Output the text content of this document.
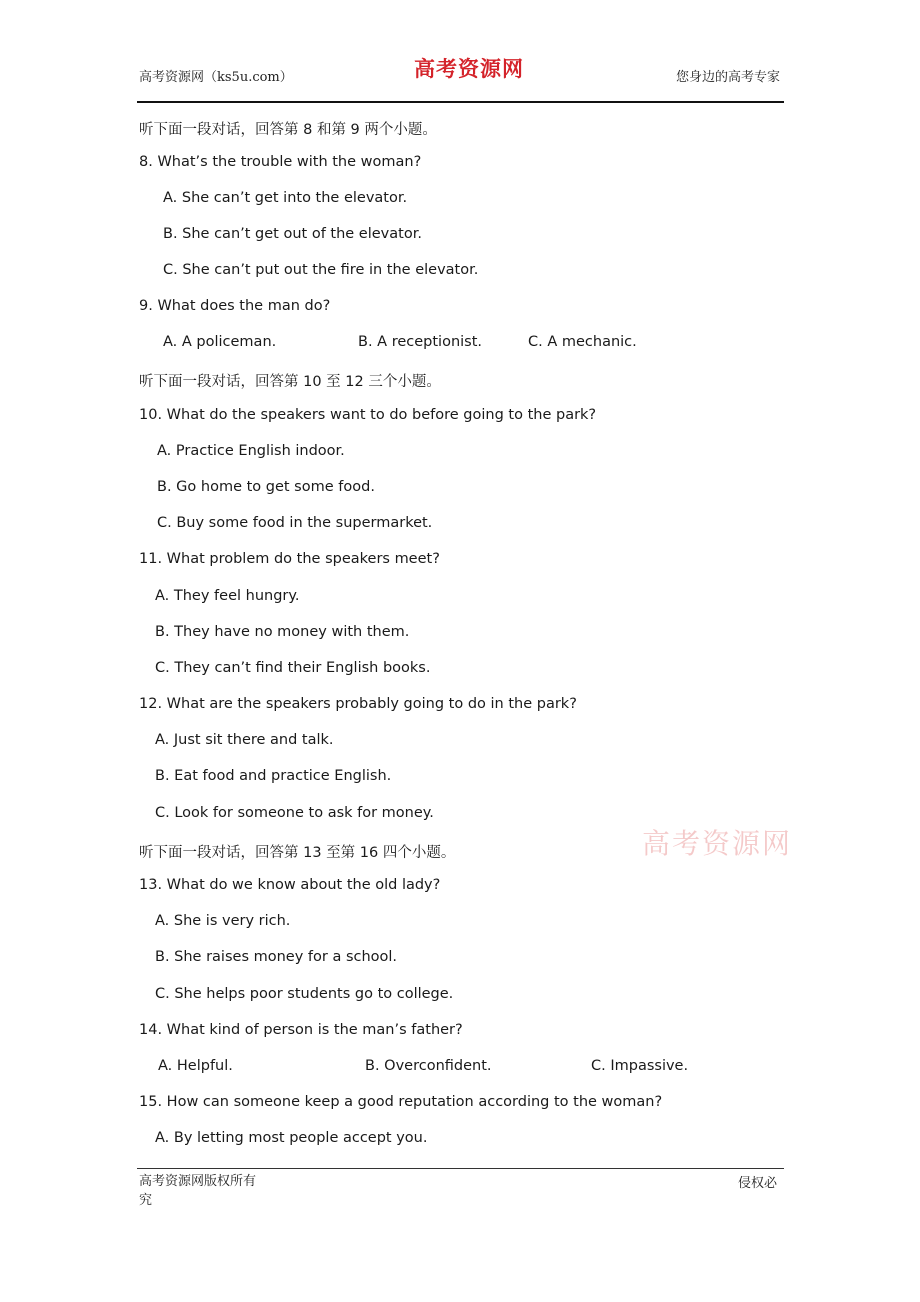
高考资源网（ks5u.com）	高考资源网	您身边的高考专家
听下面一段对话，回答第 8 和第 9 两个小题。
8. What’s the trouble with the woman?
A. She can’t get into the elevator.
B. She can’t get out of the elevator.
C. She can’t put out the fire in the elevator.
9. What does the man do?
A. A policeman.	B. A receptionist.	C. A mechanic.
听下面一段对话，回答第 10 至 12 三个小题。
10. What do the speakers want to do before going to the park?
A. Practice English indoor.
B. Go home to get some food.
C. Buy some food in the supermarket.
11. What problem do the speakers meet?
A. They feel hungry.
B. They have no money with them.
C. They can’t find their English books.
12. What are the speakers probably going to do in the park?
A. Just sit there and talk.
B. Eat food and practice English.
C. Look for someone to ask for money.
高考资源网
听下面一段对话，回答第 13 至第 16 四个小题。
13. What do we know about the old lady?
A. She is very rich.
B. She raises money for a school.
C. She helps poor students go to college.
14. What kind of person is the man’s father?
A. Helpful.	B. Overconfident.	C. Impassive.
15. How can someone keep a good reputation according to the woman?
A. By letting most people accept you.
高考资源网版权所有
究
侵权必
